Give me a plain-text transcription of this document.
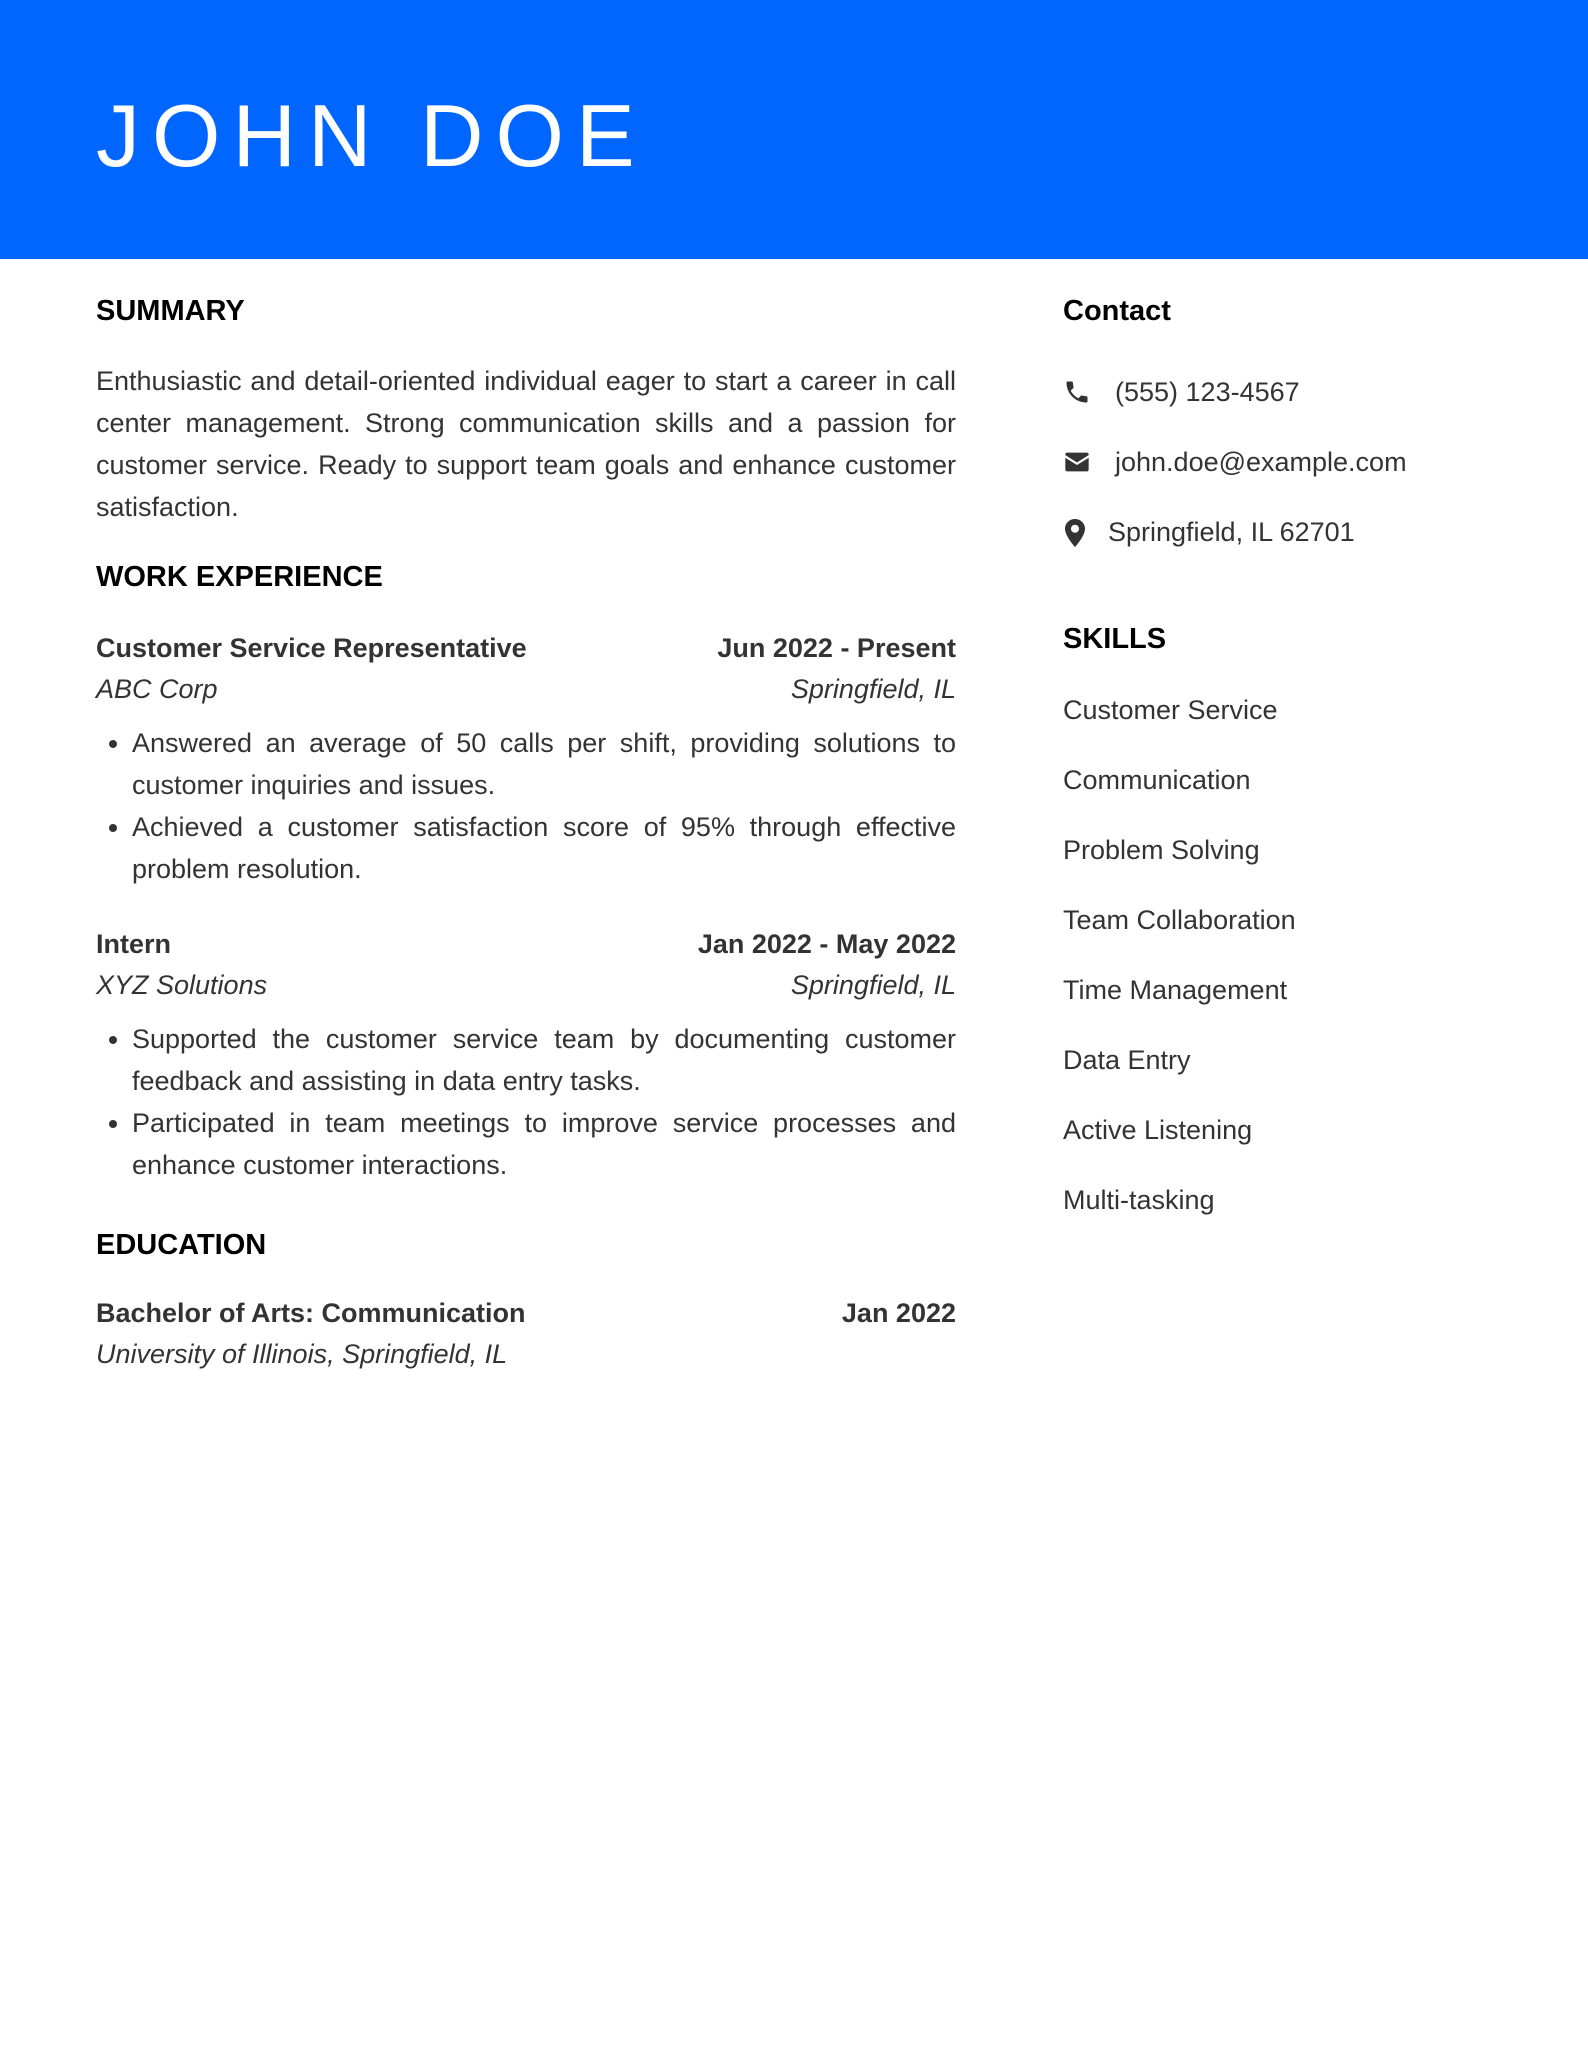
JOHN DOE
SUMMARY

Enthusiastic and detail-oriented individual eager to start a career in call center management. Strong communication skills and a passion for customer service. Ready to support team goals and enhance customer satisfaction.

WORK EXPERIENCE
Customer Service Representative	Jun 2022 - Present
ABC Corp	Springfield, IL
• Answered an average of 50 calls per shift, providing solutions to customer inquiries and issues.
• Achieved a customer satisfaction score of 95% through effective problem resolution.
Intern	Jan 2022 - May 2022
XYZ Solutions	Springfield, IL
• Supported the customer service team by documenting customer feedback and assisting in data entry tasks.
• Participated in team meetings to improve service processes and enhance customer interactions.
EDUCATION
Bachelor of Arts: Communication	Jan 2022
University of Illinois, Springfield, IL
Contact
(555) 123-4567
john.doe@example.com
Springfield, IL 62701
SKILLS
Customer Service
Communication
Problem Solving
Team Collaboration
Time Management
Data Entry
Active Listening
Multi-tasking
